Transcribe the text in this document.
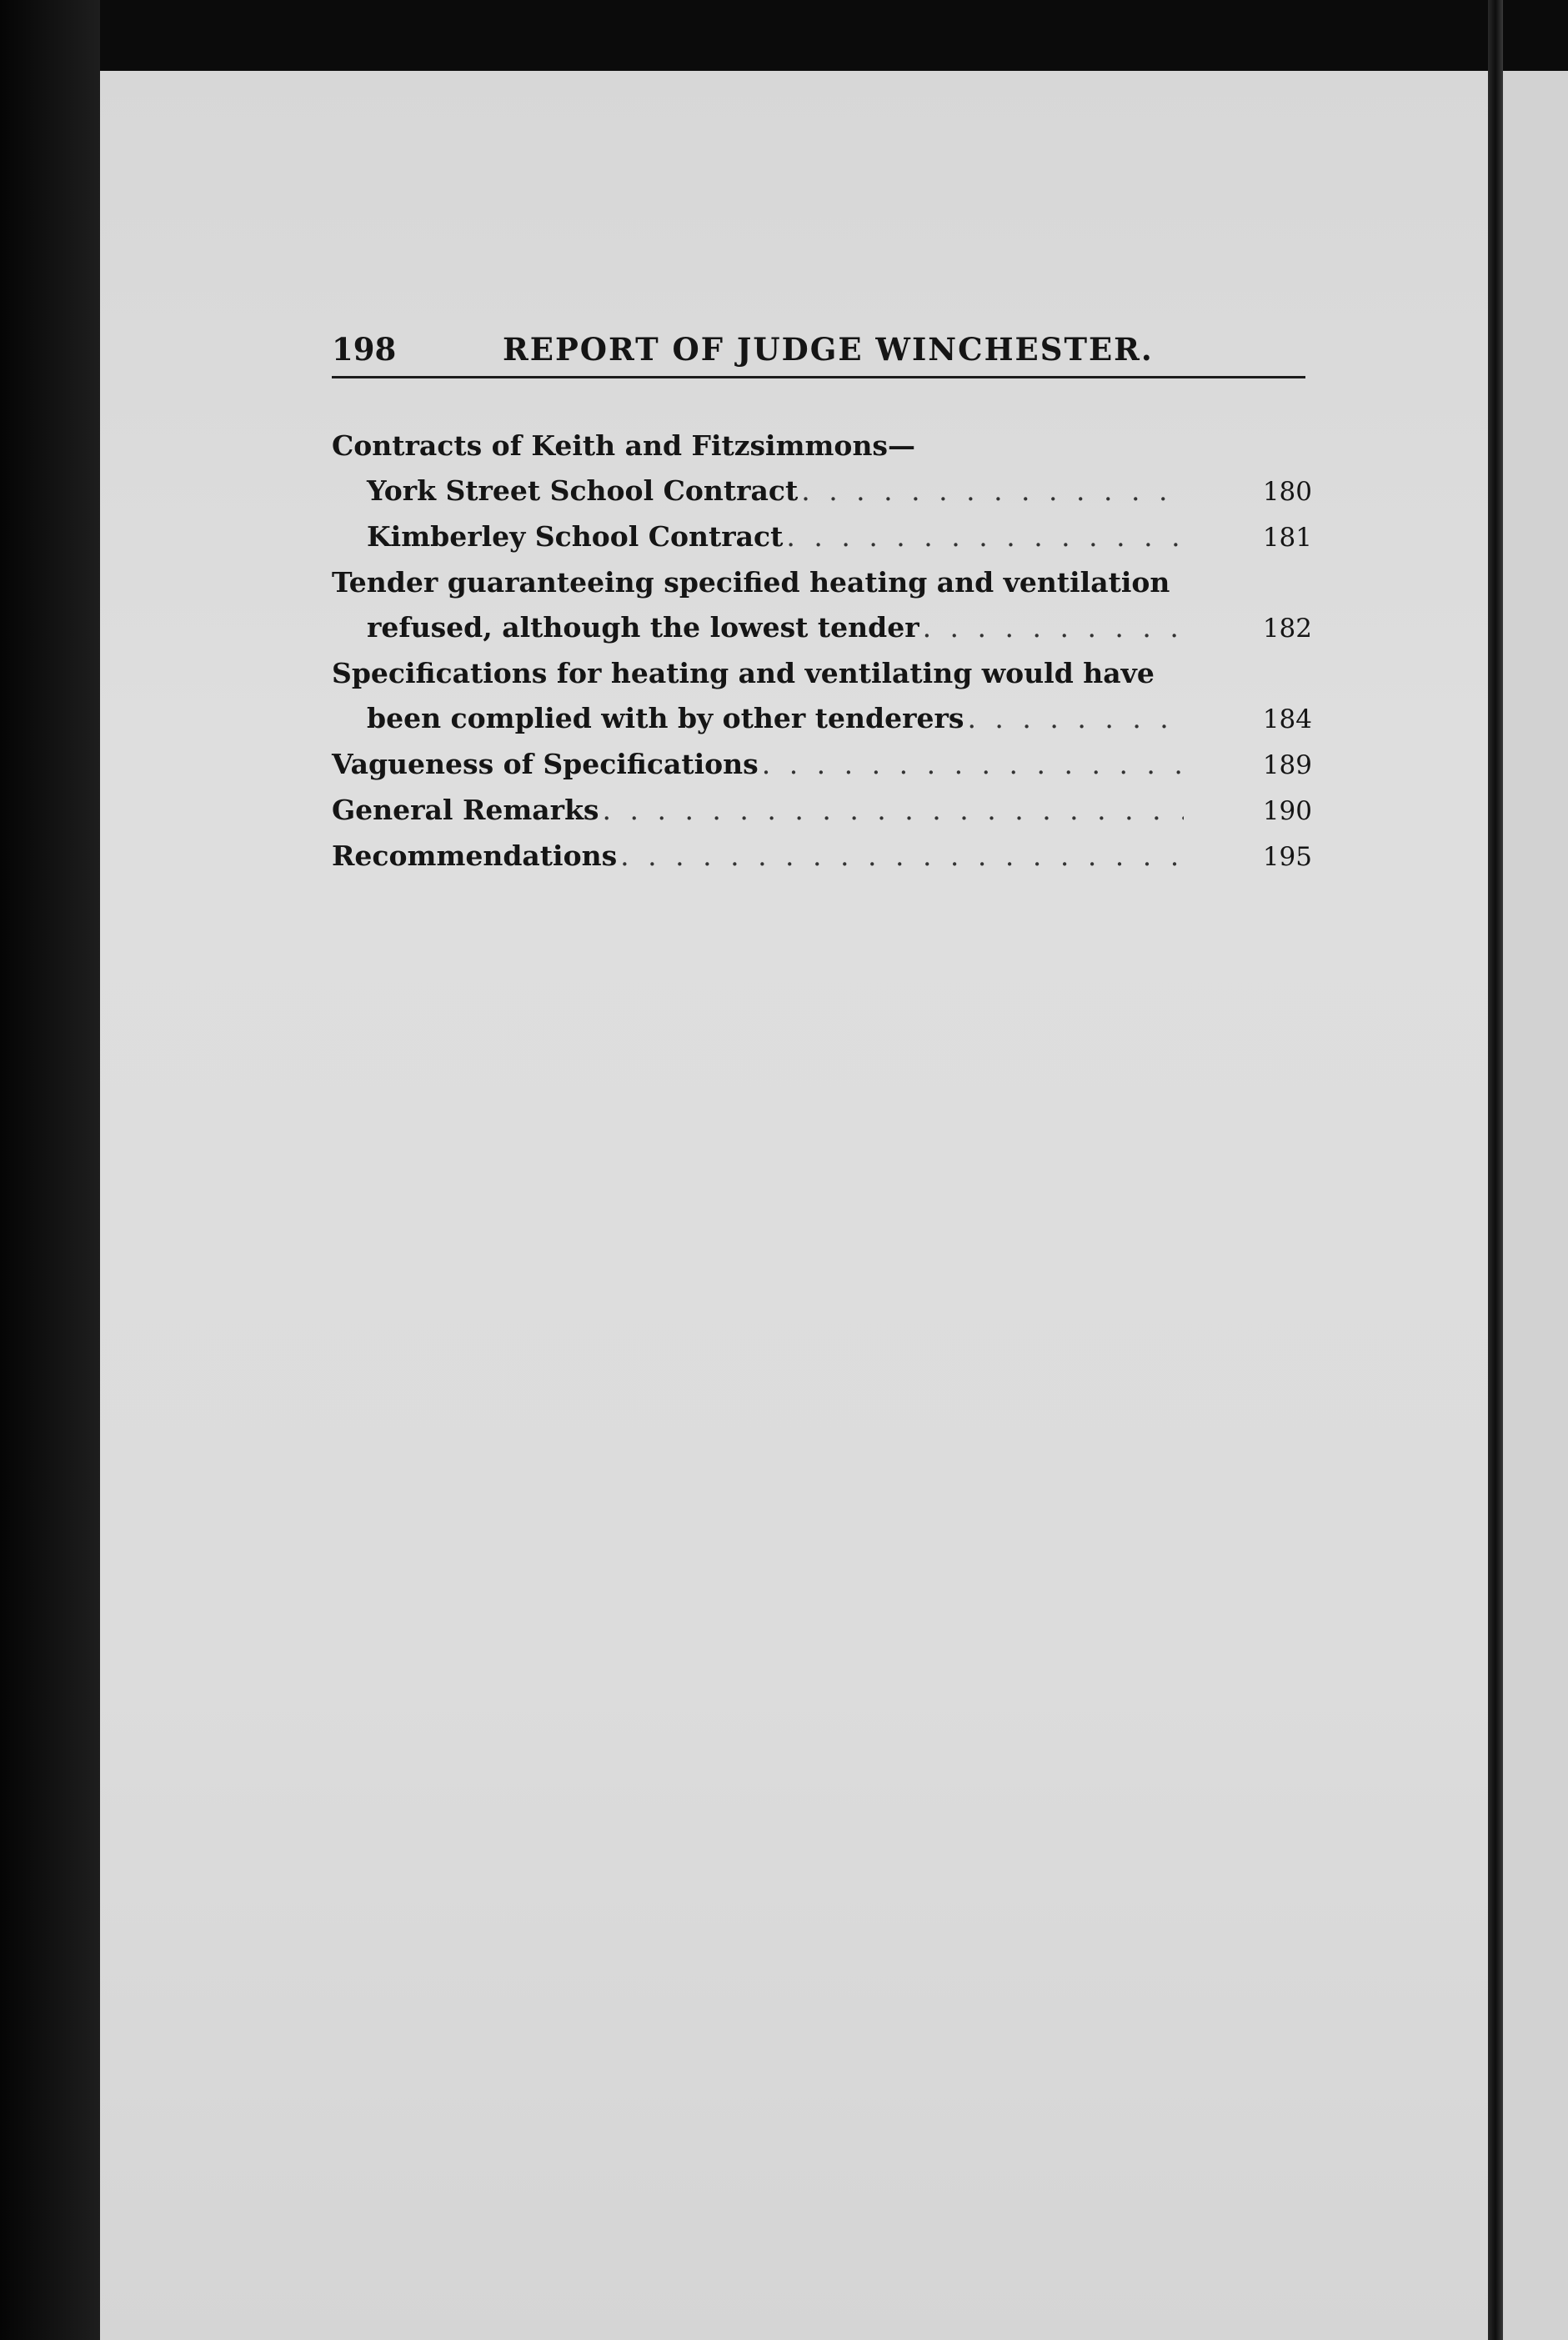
198	REPORT OF JUDGE WINCHESTER.
Contracts of Keith and Fitzsimmons—
York Street School Contract . . .	180
Kimberley School Contract . . .	181
Tender guaranteeing specified heating and ventilation
refused, although the lowest tender . . .	182
Specifications for heating and ventilating would have
been complied with by other tenderers . . .	184
Vagueness of Specifications . . .	189
General Remarks . . .	190
Recommendations . . .	195
